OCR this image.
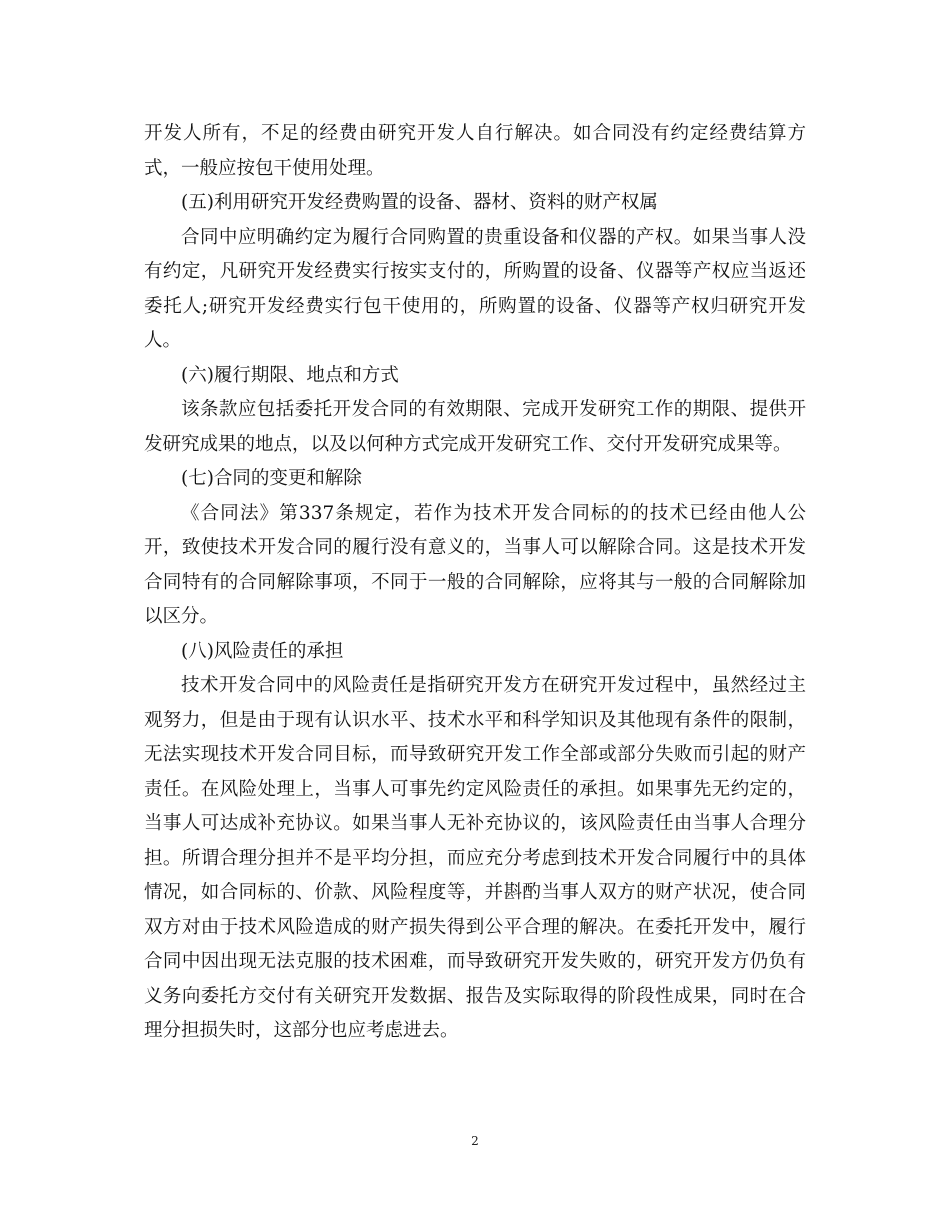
开发人所有，不足的经费由研究开发人自行解决。如合同没有约定经费结算方式，一般应按包干使用处理。

(五)利用研究开发经费购置的设备、器材、资料的财产权属

合同中应明确约定为履行合同购置的贵重设备和仪器的产权。如果当事人没有约定，凡研究开发经费实行按实支付的，所购置的设备、仪器等产权应当返还委托人;研究开发经费实行包干使用的，所购置的设备、仪器等产权归研究开发人。

(六)履行期限、地点和方式

该条款应包括委托开发合同的有效期限、完成开发研究工作的期限、提供开发研究成果的地点，以及以何种方式完成开发研究工作、交付开发研究成果等。

(七)合同的变更和解除

《合同法》第337条规定，若作为技术开发合同标的的技术已经由他人公开，致使技术开发合同的履行没有意义的，当事人可以解除合同。这是技术开发合同特有的合同解除事项，不同于一般的合同解除，应将其与一般的合同解除加以区分。

(八)风险责任的承担

技术开发合同中的风险责任是指研究开发方在研究开发过程中，虽然经过主观努力，但是由于现有认识水平、技术水平和科学知识及其他现有条件的限制，无法实现技术开发合同目标，而导致研究开发工作全部或部分失败而引起的财产责任。在风险处理上，当事人可事先约定风险责任的承担。如果事先无约定的，当事人可达成补充协议。如果当事人无补充协议的，该风险责任由当事人合理分担。所谓合理分担并不是平均分担，而应充分考虑到技术开发合同履行中的具体情况，如合同标的、价款、风险程度等，并斟酌当事人双方的财产状况，使合同双方对由于技术风险造成的财产损失得到公平合理的解决。在委托开发中，履行合同中因出现无法克服的技术困难，而导致研究开发失败的，研究开发方仍负有义务向委托方交付有关研究开发数据、报告及实际取得的阶段性成果，同时在合理分担损失时，这部分也应考虑进去。

2
